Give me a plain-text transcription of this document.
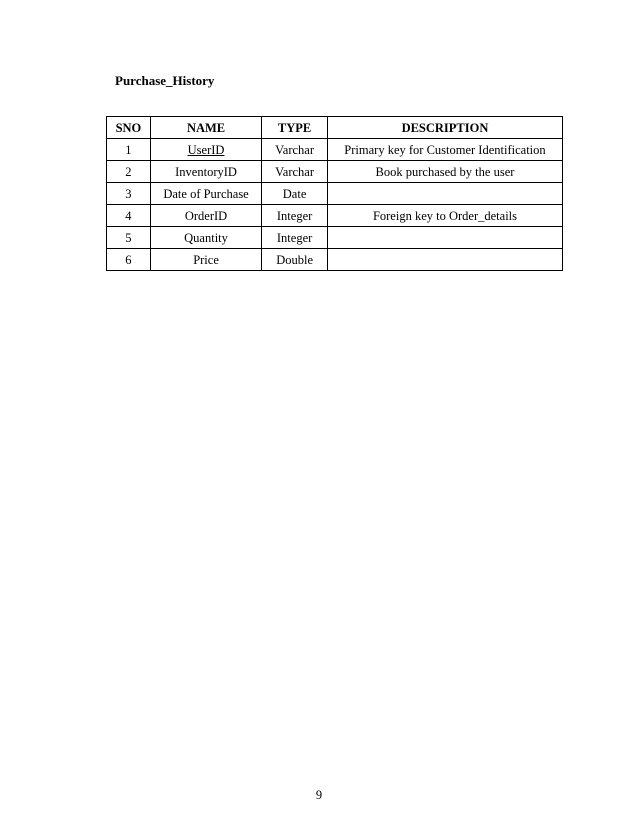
Purchase_History
SNO	NAME	TYPE	DESCRIPTION
1	UserID	Varchar	Primary key for Customer Identification
2	InventoryID	Varchar	Book purchased by the user
3	Date of Purchase	Date	
4	OrderID	Integer	Foreign key to Order_details
5	Quantity	Integer	
6	Price	Double	
9
